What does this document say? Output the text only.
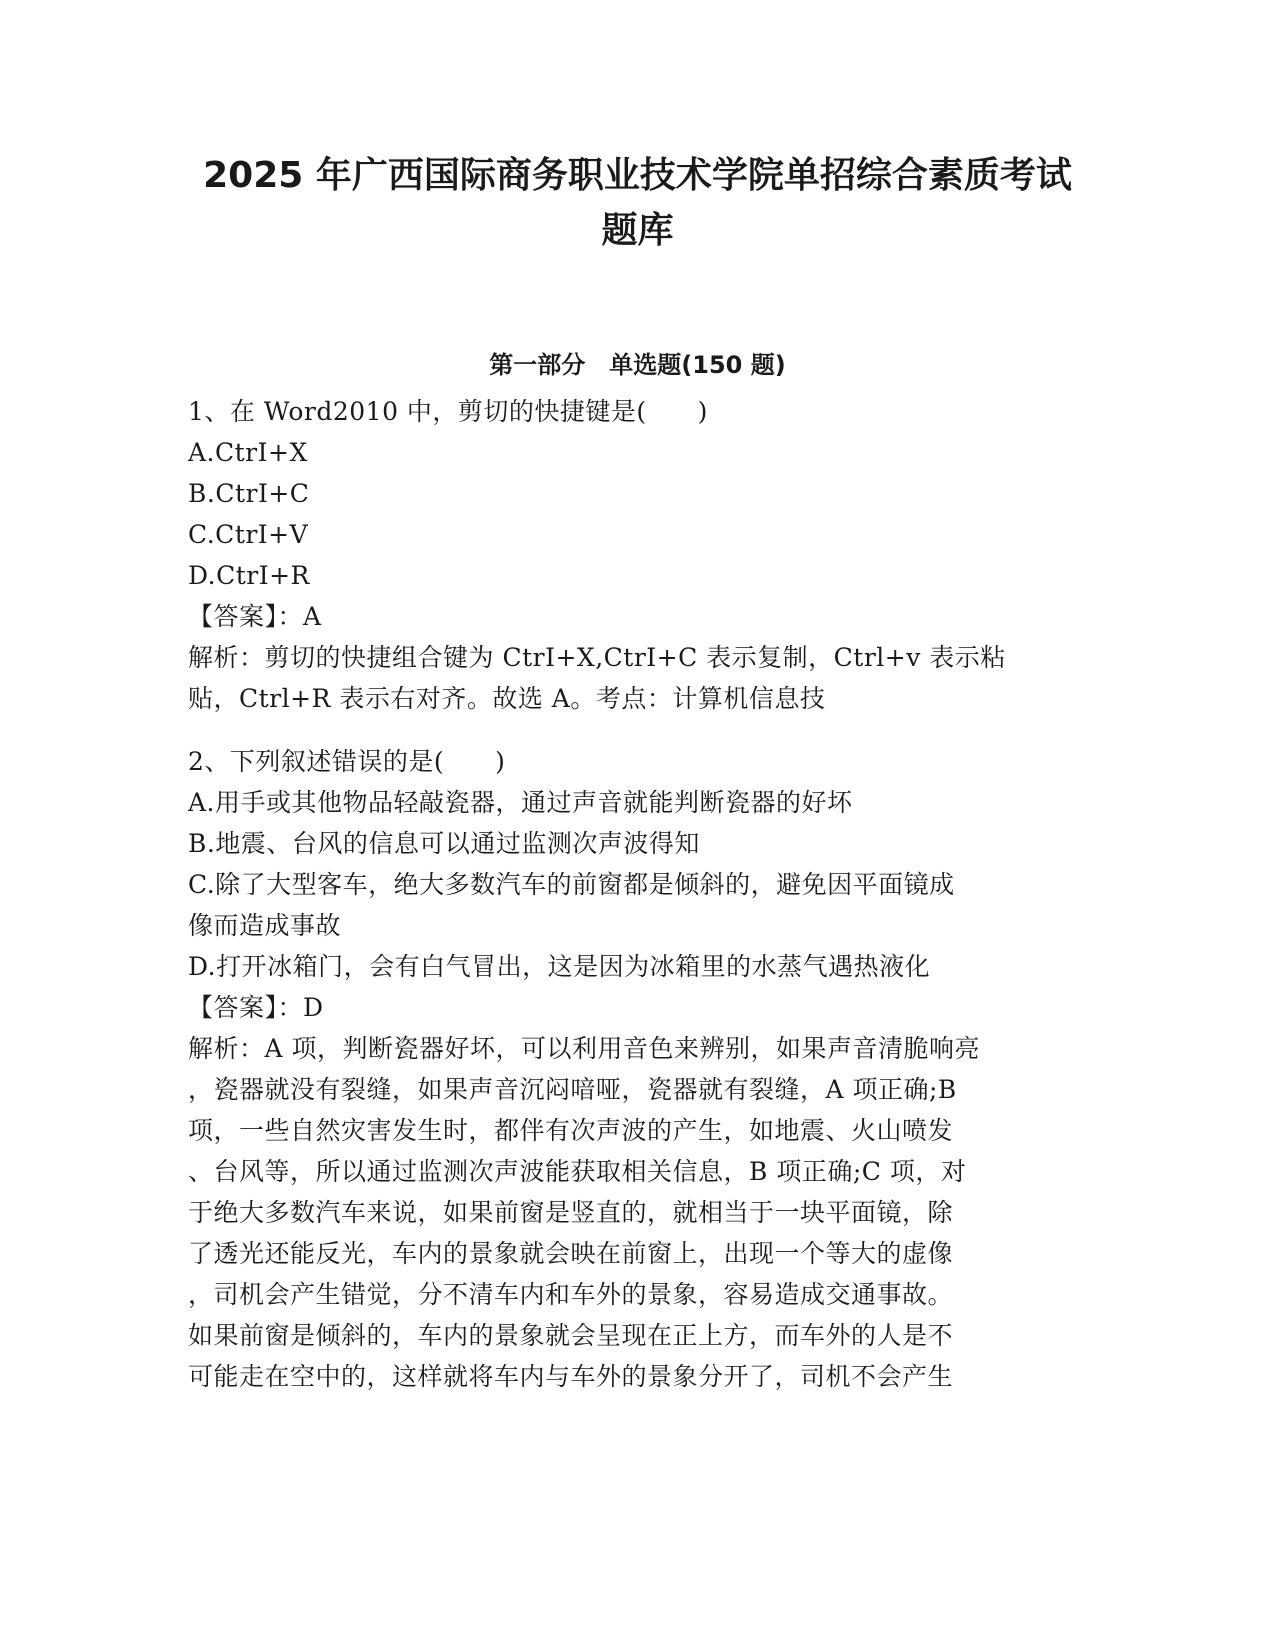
2025 年广西国际商务职业技术学院单招综合素质考试
题库
第一部分　单选题(150 题)

1、在 Word2010 中，剪切的快捷键是(　　)

A.CtrI+X

B.CtrI+C

C.CtrI+V

D.CtrI+R

【答案】：A

解析：剪切的快捷组合键为 CtrI+X,CtrI+C 表示复制，Ctrl+v 表示粘

贴，Ctrl+R 表示右对齐。故选 A。考点：计算机信息技

2、下列叙述错误的是(　　)

A.用手或其他物品轻敲瓷器，通过声音就能判断瓷器的好坏

B.地震、台风的信息可以通过监测次声波得知

C.除了大型客车，绝大多数汽车的前窗都是倾斜的，避免因平面镜成

像而造成事故

D.打开冰箱门，会有白气冒出，这是因为冰箱里的水蒸气遇热液化

【答案】：D

解析：A 项，判断瓷器好坏，可以利用音色来辨别，如果声音清脆响亮

，瓷器就没有裂缝，如果声音沉闷喑哑，瓷器就有裂缝，A 项正确;B

项，一些自然灾害发生时，都伴有次声波的产生，如地震、火山喷发

、台风等，所以通过监测次声波能获取相关信息，B 项正确;C 项，对

于绝大多数汽车来说，如果前窗是竖直的，就相当于一块平面镜，除

了透光还能反光，车内的景象就会映在前窗上，出现一个等大的虚像

，司机会产生错觉，分不清车内和车外的景象，容易造成交通事故。

如果前窗是倾斜的，车内的景象就会呈现在正上方，而车外的人是不

可能走在空中的，这样就将车内与车外的景象分开了，司机不会产生
